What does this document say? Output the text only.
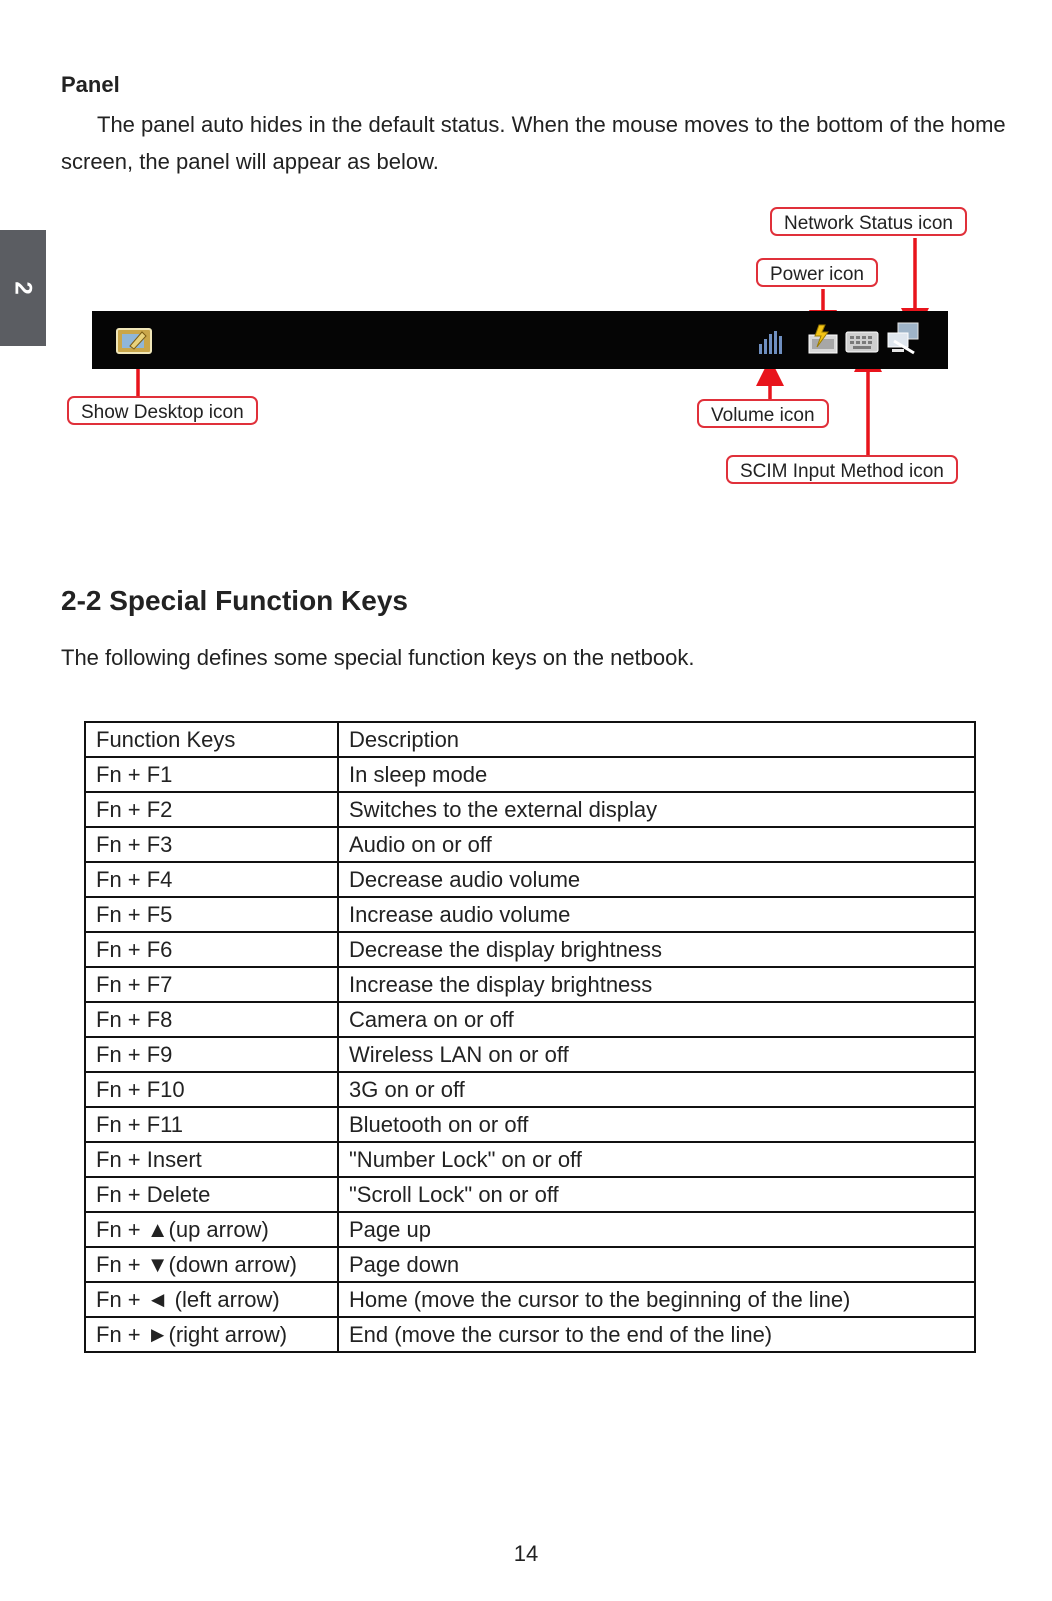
2
Panel

The panel auto hides in the default status. When the mouse moves to the bottom of the home screen, the panel will appear as below.

Show Desktop icon
Network Status icon
Power icon
Volume icon
SCIM Input Method icon
2-2 Special Function Keys
The following defines some special function keys on the netbook.
Function Keys	Description
Fn + F1	In sleep mode
Fn + F2	Switches to the external display
Fn + F3	Audio on or off
Fn + F4	Decrease audio volume
Fn + F5	Increase audio volume
Fn + F6	Decrease the display brightness
Fn + F7	Increase the display brightness
Fn + F8	Camera on or off
Fn + F9	Wireless LAN on or off
Fn + F10	3G on or off
Fn + F11	Bluetooth on or off
Fn + Insert	"Number Lock" on or off
Fn + Delete	"Scroll Lock" on or off
Fn + ▲(up arrow)	Page up
Fn + ▼(down arrow)	Page down
Fn + ◄ (left arrow)	Home (move the cursor to the beginning of the line)
Fn + ►(right arrow)	End (move the cursor to the end of the line)
14
